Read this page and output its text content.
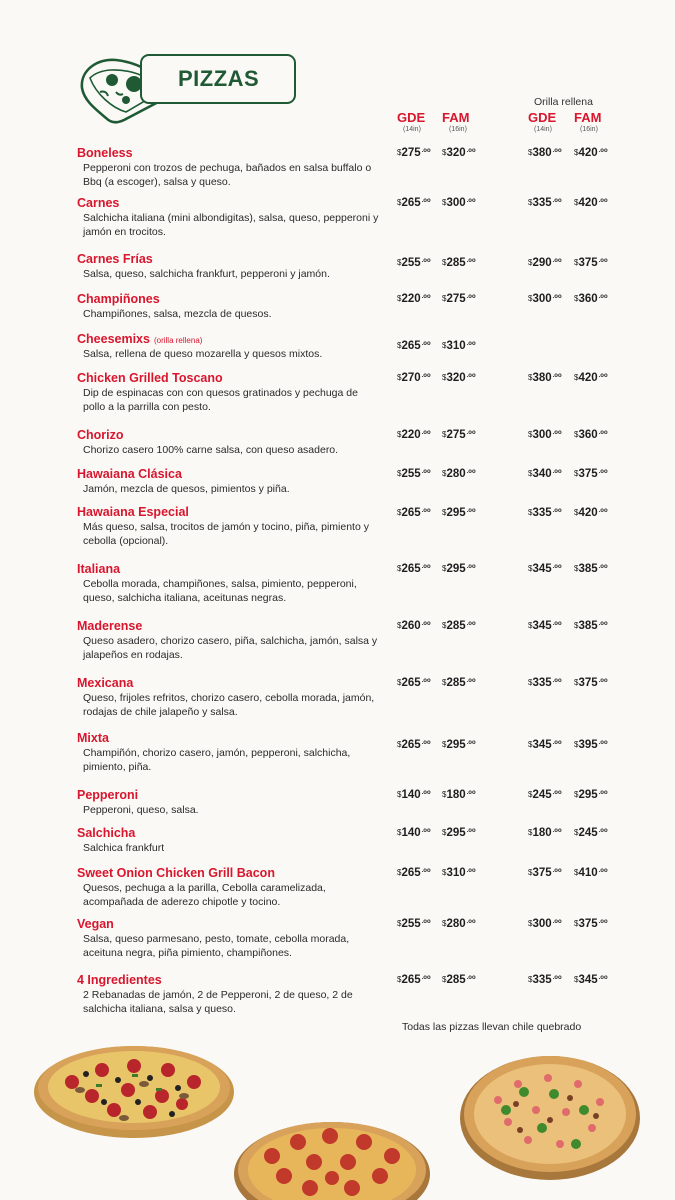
PIZZAS
Orilla rellena
GDE
(14in)
FAM
(16in)
GDE
(14in)
FAM
(16in)
Boneless
Pepperoni con trozos de pechuga, bañados en salsa buffalo o Bbq (a escoger), salsa y queso.
$\$275^{.oo}$ $\$320^{.oo}$	$\$380^{.oo}$ $\$420^{.oo}$
Carnes
Salchicha italiana (mini albondigitas), salsa, queso, pepperoni y jamón en trocitos.
$\$265^{.oo}$ $\$300^{.oo}$	$\$335^{.oo}$ $\$420^{.oo}$
Carnes Frías
Salsa, queso, salchicha frankfurt, pepperoni y jamón.
$\$255^{.oo}$ $\$285^{.oo}$	$\$290^{.oo}$ $\$375^{.oo}$
Champiñones
Champiñones, salsa, mezcla de quesos.
$\$220^{.oo}$ $\$275^{.oo}$	$\$300^{.oo}$ $\$360^{.oo}$
Cheesemixs (orilla rellena)
Salsa, rellena de queso mozarella y quesos mixtos.
$\$265^{.oo}$ $\$310^{.oo}$
Chicken Grilled Toscano
Dip de espinacas con con quesos gratinados y pechuga de pollo a la parrilla con pesto.
$\$270^{.oo}$ $\$320^{.oo}$	$\$380^{.oo}$ $\$420^{.oo}$
Chorizo
Chorizo casero 100% carne salsa, con queso asadero.
$\$220^{.oo}$ $\$275^{.oo}$	$\$300^{.oo}$ $\$360^{.oo}$
Hawaiana Clásica
Jamón, mezcla de quesos, pimientos y piña.
$\$255^{.oo}$ $\$280^{.oo}$	$\$340^{.oo}$ $\$375^{.oo}$
Hawaiana Especial
Más queso, salsa, trocitos de jamón y tocino, piña, pimiento y cebolla (opcional).
$\$265^{.oo}$ $\$295^{.oo}$	$\$335^{.oo}$ $\$420^{.oo}$
Italiana
Cebolla morada, champiñones, salsa, pimiento, pepperoni, queso, salchicha italiana, aceitunas negras.
$\$265^{.oo}$ $\$295^{.oo}$	$\$345^{.oo}$ $\$385^{.oo}$
Maderense
Queso asadero, chorizo casero, piña, salchicha, jamón, salsa y jalapeños en rodajas.
$\$260^{.oo}$ $\$285^{.oo}$	$\$345^{.oo}$ $\$385^{.oo}$
Mexicana
Queso, frijoles refritos, chorizo casero, cebolla morada, jamón, rodajas de chile jalapeño y salsa.
$\$265^{.oo}$ $\$285^{.oo}$	$\$335^{.oo}$ $\$375^{.oo}$
Mixta
Champiñón, chorizo casero, jamón, pepperoni, salchicha, pimiento, piña.
$\$265^{.oo}$ $\$295^{.oo}$	$\$345^{.oo}$ $\$395^{.oo}$
Pepperoni
Pepperoni, queso, salsa.
$\$140^{.oo}$ $\$180^{.oo}$	$\$245^{.oo}$ $\$295^{.oo}$
Salchicha
Salchica frankfurt
$\$140^{.oo}$ $\$295^{.oo}$	$\$180^{.oo}$ $\$245^{.oo}$
Sweet Onion Chicken Grill Bacon
Quesos, pechuga a la parilla, Cebolla caramelizada, acompañada de aderezo chipotle y tocino.
$\$265^{.oo}$ $\$310^{.oo}$	$\$375^{.oo}$ $\$410^{.oo}$
Vegan
Salsa, queso parmesano, pesto, tomate, cebolla morada, aceituna negra, piña pimiento, champiñones.
$\$255^{.oo}$ $\$280^{.oo}$	$\$300^{.oo}$ $\$375^{.oo}$
4 Ingredientes
2 Rebanadas de jamón, 2 de Pepperoni, 2 de queso, 2 de salchicha italiana, salsa y queso.
$\$265^{.oo}$ $\$285^{.oo}$	$\$335^{.oo}$ $\$345^{.oo}$
Todas las pizzas llevan chile quebrado
